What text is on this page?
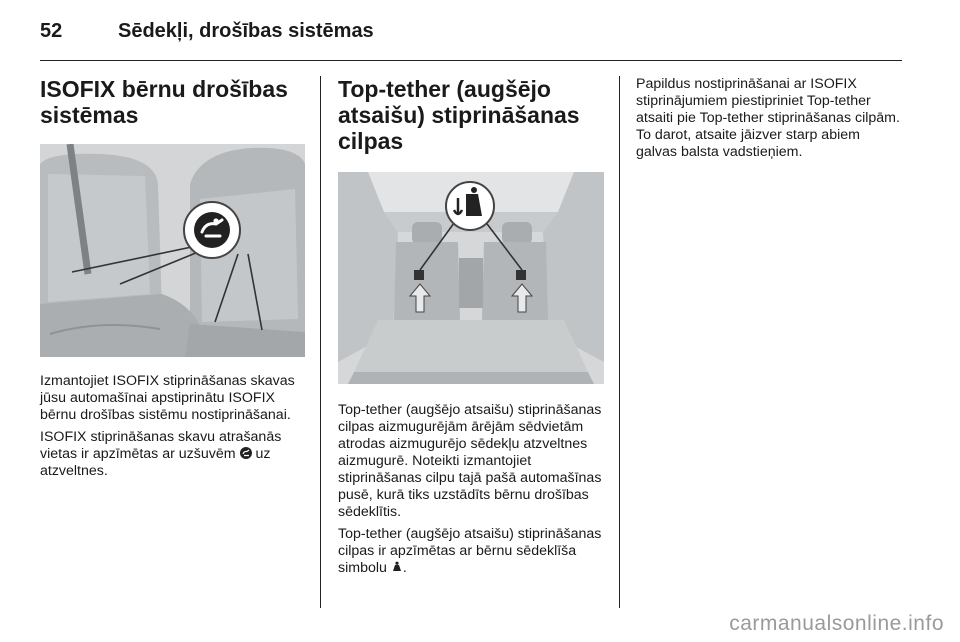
52	Sēdekļi, drošības sistēmas
ISOFIX bērnu drošības sistēmas

Izmantojiet ISOFIX stiprināšanas skavas jūsu automašīnai apstiprinātu ISOFIX bērnu drošības sistēmu nostiprināšanai.

ISOFIX stiprināšanas skavu atrašanās vietas ir apzīmētas ar uzšuvēm uz atzveltnes.

Top-tether (augšējo atsaišu) stiprināšanas cilpas

Top-tether (augšējo atsaišu) stiprināšanas cilpas aizmugurējām ārējām sēdvietām atrodas aizmugurējo sēdekļu atzveltnes aizmugurē. Noteikti izmantojiet stiprināšanas cilpu tajā pašā automašīnas pusē, kurā tiks uzstādīts bērnu drošības sēdeklītis.

Top-tether (augšējo atsaišu) stiprināšanas cilpas ir apzīmētas ar bērnu sēdeklīša simbolu .

Papildus nostiprināšanai ar ISOFIX stiprinājumiem piestipriniet Top-tether atsaiti pie Top-tether stiprināšanas cilpām. To darot, atsaite jāizver starp abiem galvas balsta vadstieņiem.

carmanualsonline.info
